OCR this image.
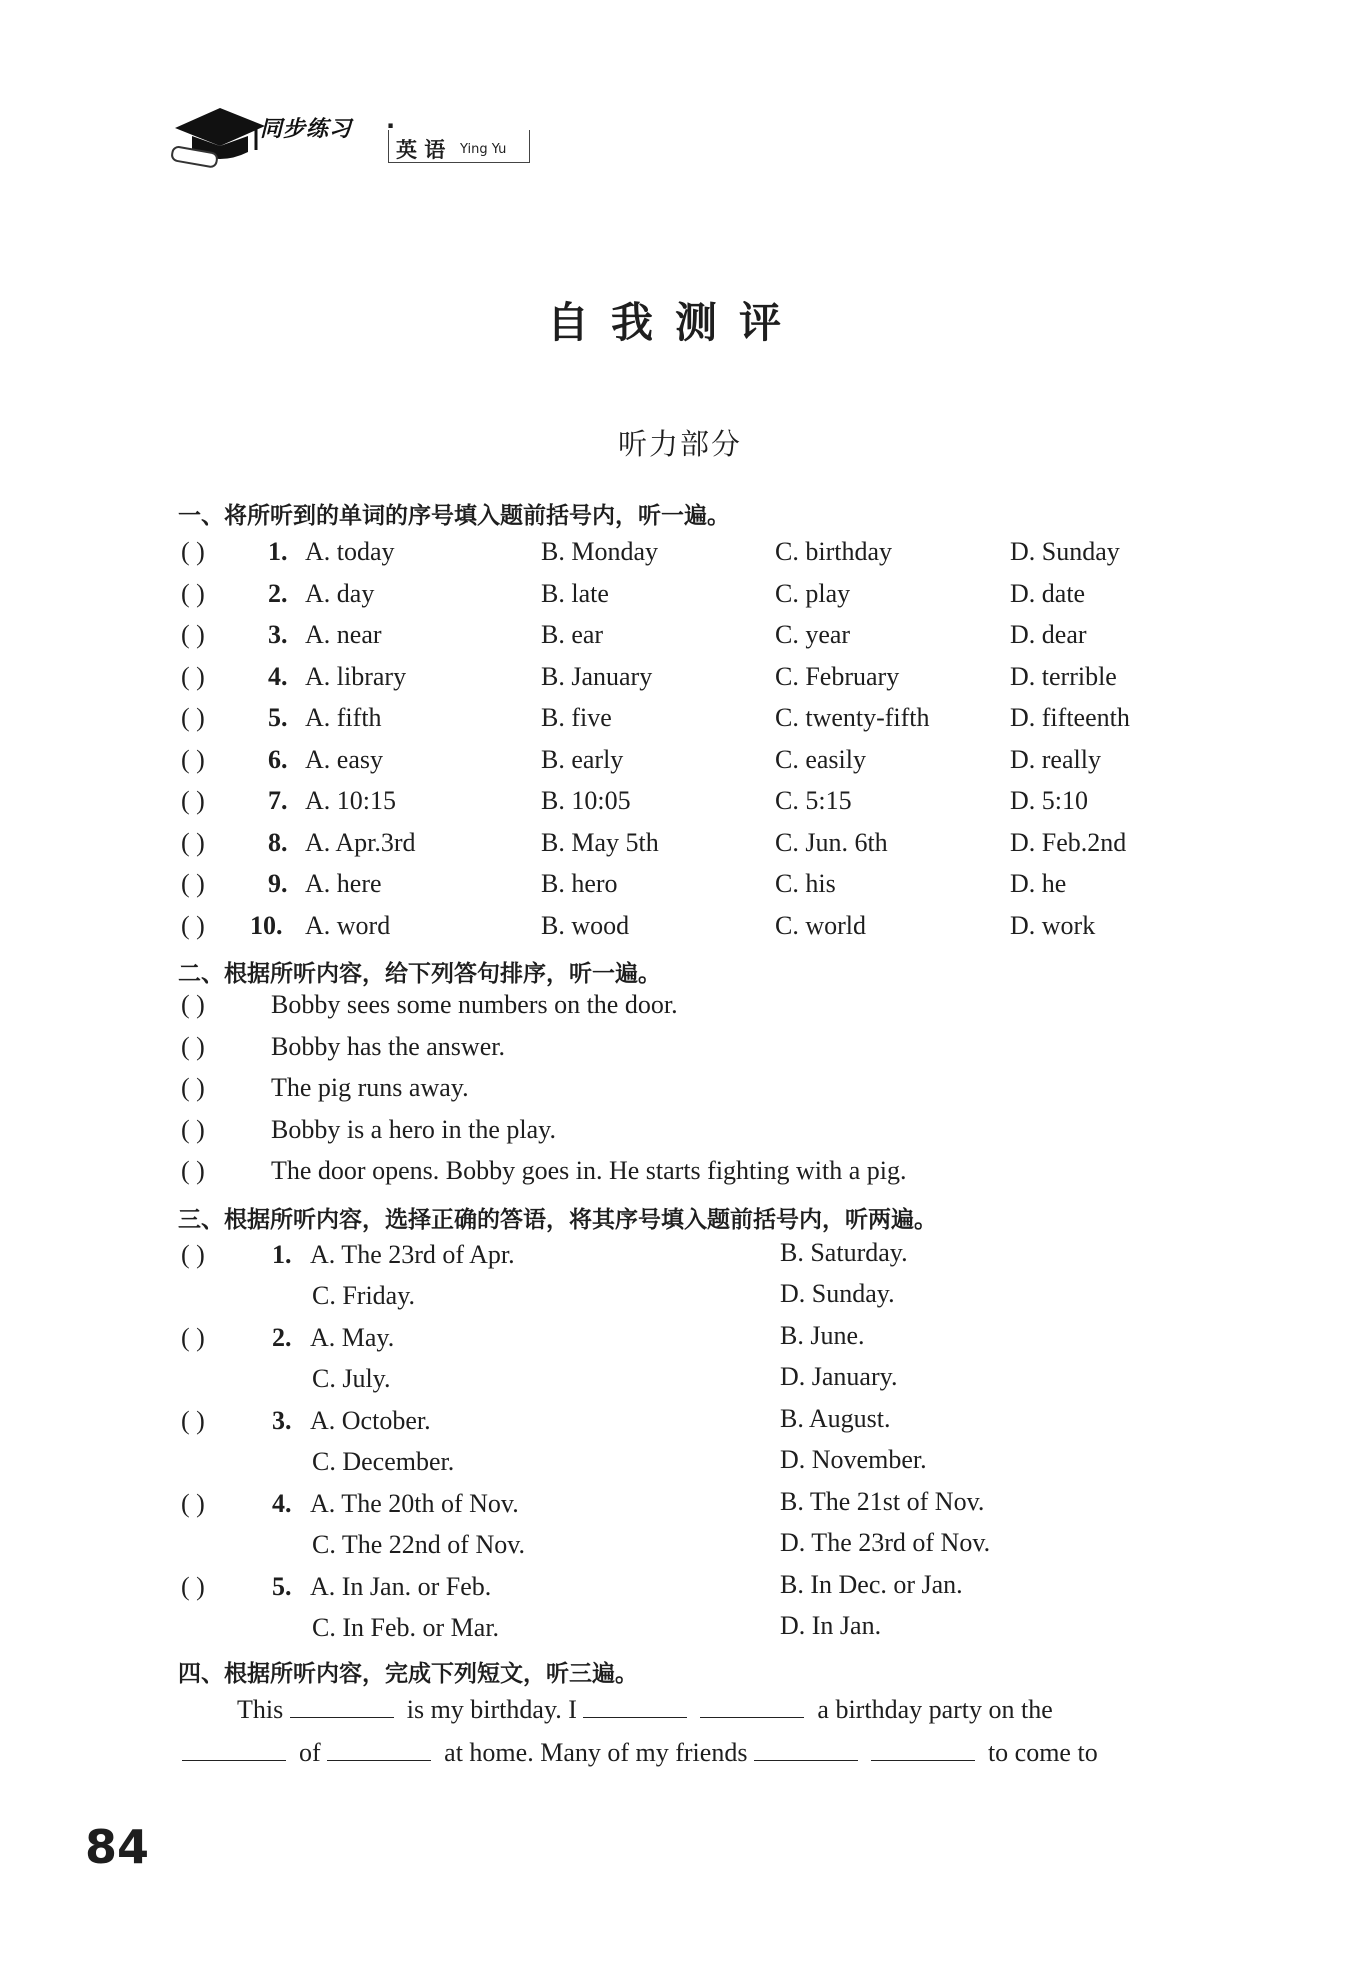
同步练习 ·
英 语 Ying Yu
自我测评
听力部分
一、将所听到的单词的序号填入题前括号内，听一遍。
( ) 1. A. today	B. Monday	C. birthday	D. Sunday
( ) 2. A. day	B. late	C. play	D. date
( ) 3. A. near	B. ear	C. year	D. dear
( ) 4. A. library	B. January	C. February	D. terrible
( ) 5. A. fifth	B. five	C. twenty-fifth	D. fifteenth
( ) 6. A. easy	B. early	C. easily	D. really
( ) 7. A. 10:15	B. 10:05	C. 5:15	D. 5:10
( ) 8. A. Apr.3rd	B. May 5th	C. Jun. 6th	D. Feb.2nd
( ) 9. A. here	B. hero	C. his	D. he
( ) 10. A. word	B. wood	C. world	D. work
二、根据所听内容，给下列答句排序，听一遍。
( )	Bobby sees some numbers on the door.
( )	Bobby has the answer.
( )	The pig runs away.
( )	Bobby is a hero in the play.
( )	The door opens. Bobby goes in. He starts fighting with a pig.
三、根据所听内容，选择正确的答语，将其序号填入题前括号内，听两遍。
( )	1. A. The 23rd of Apr.	B. Saturday.
C. Friday.	D. Sunday.
( )	2. A. May.	B. June.
C. July.	D. January.
( )	3. A. October.	B. August.
C. December.	D. November.
( )	4. A. The 20th of Nov.	B. The 21st of Nov.
C. The 22nd of Nov.	D. The 23rd of Nov.
( )	5. A. In Jan. or Feb.	B. In Dec. or Jan.
C. In Feb. or Mar.	D. In Jan.
四、根据所听内容，完成下列短文，听三遍。
This	is my birthday. I	a birthday party on the
of	at home. Many of my friends	to come to
84
